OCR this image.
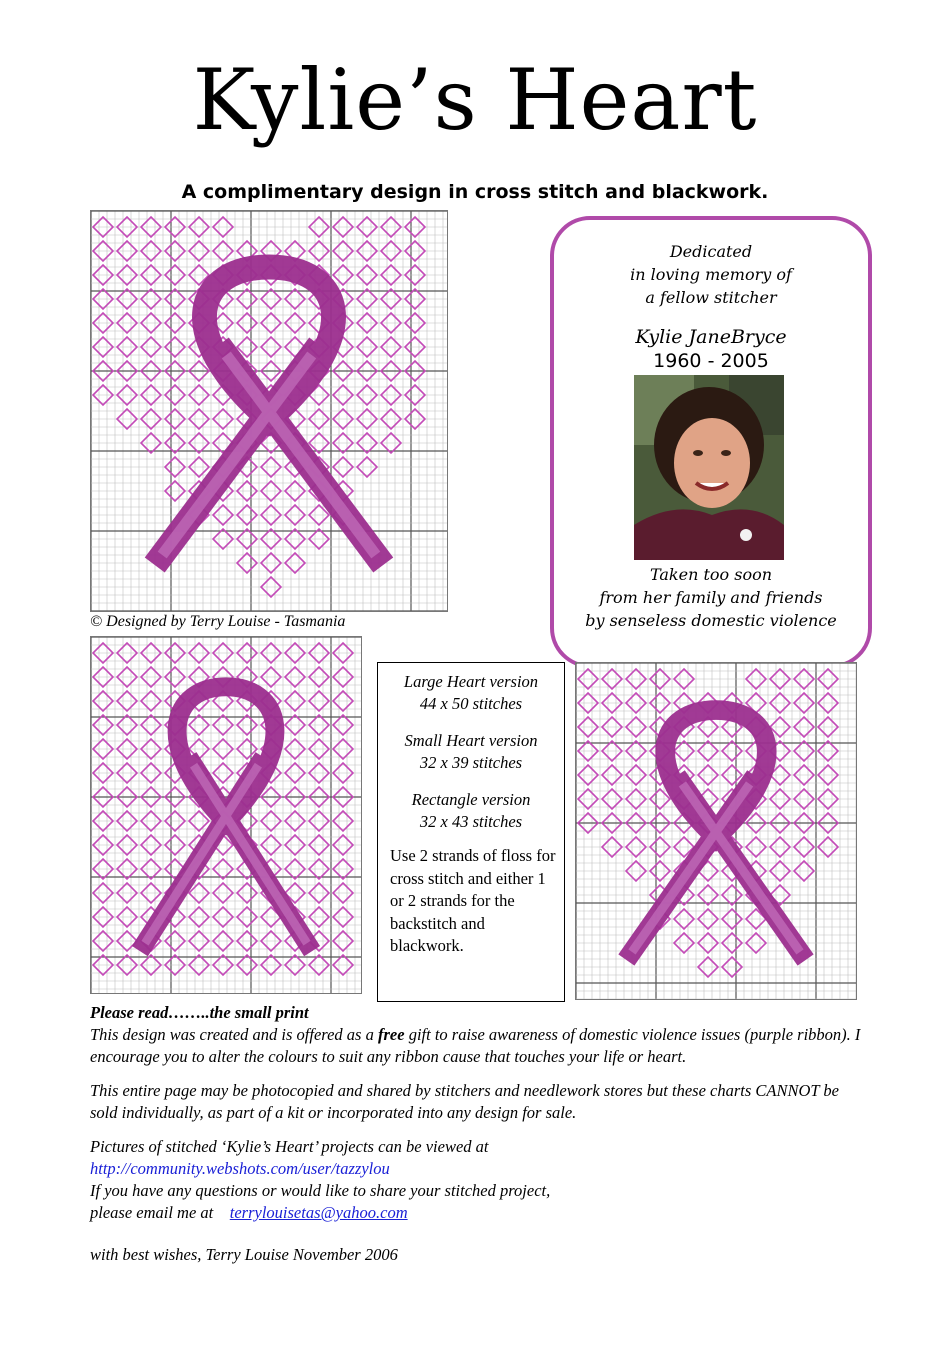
Kylie’s Heart
A complimentary design in cross stitch and blackwork.
© Designed by Terry Louise - Tasmania
Dedicated
in loving memory of
a fellow stitcher
Kylie JaneBryce
1960 - 2005
Taken too soon
from her family and friends
by senseless domestic violence
Large Heart version
44 x 50 stitches
Small Heart version
32 x 39 stitches
Rectangle version
32 x 43 stitches
Use 2 strands of floss for cross stitch and either 1 or 2 strands for the backstitch and blackwork.

Please read……..the small print
This design was created and is offered as a free gift to raise awareness of domestic violence issues (purple ribbon). I encourage you to alter the colours to suit any ribbon cause that touches your life or heart.

This entire page may be photocopied and shared by stitchers and needlework stores but these charts CANNOT be sold individually, as part of a kit or incorporated into any design for sale.

Pictures of stitched ‘Kylie’s Heart’ projects can be viewed at
http://community.webshots.com/user/tazzylou
If you have any questions or would like to share your stitched project,
please email me at terrylouisetas@yahoo.com

with best wishes, Terry Louise November 2006
